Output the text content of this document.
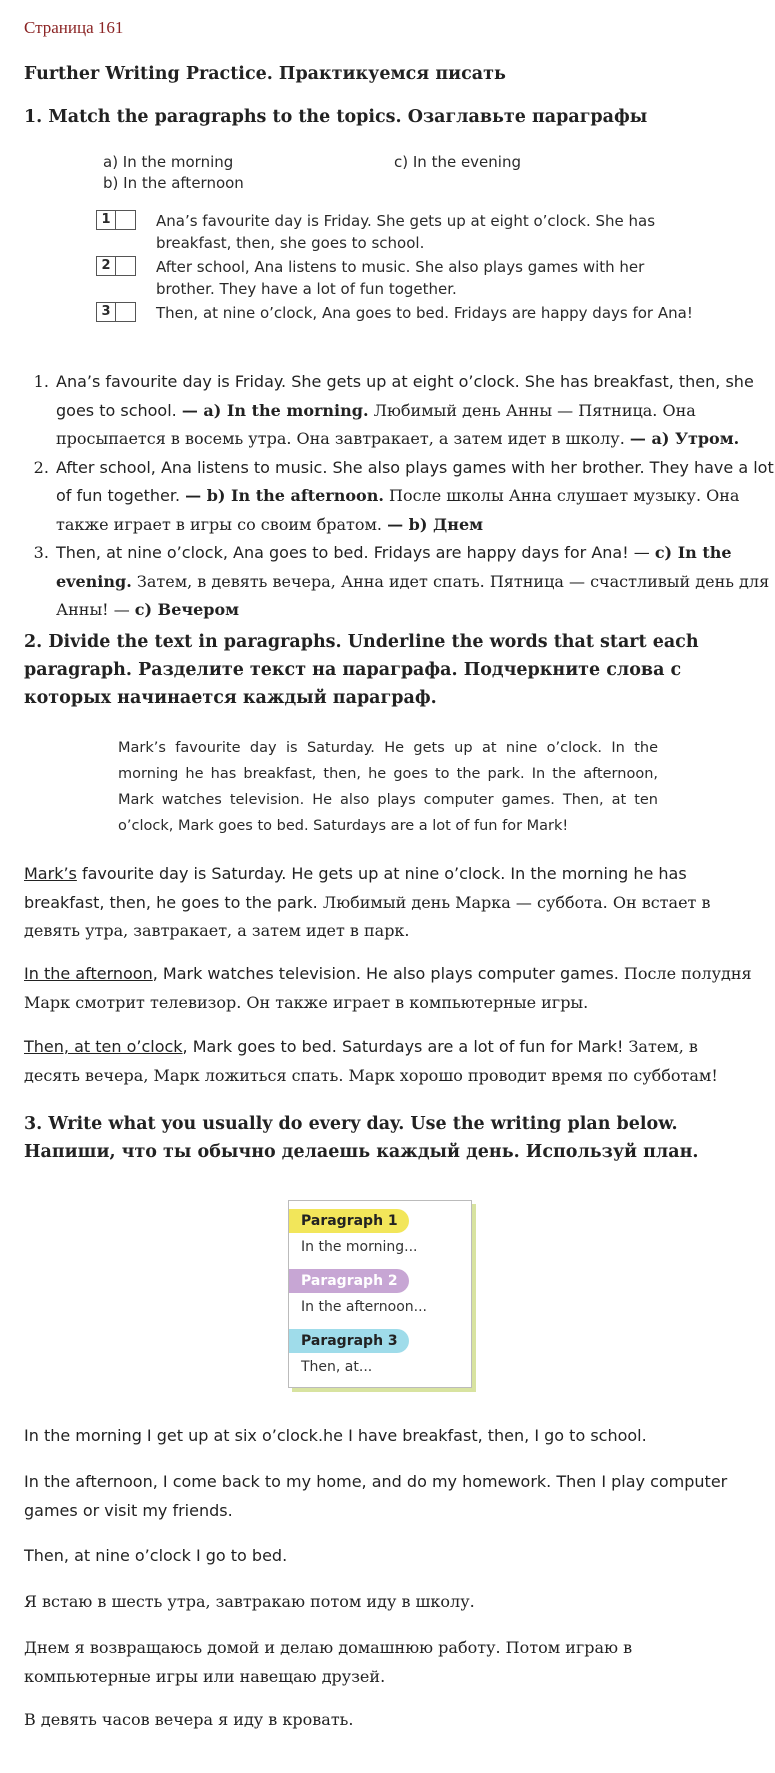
Страница 161
Further Writing Practice. Практикуемся писать
1. Match the paragraphs to the topics. Озаглавьте параграфы
a) In the morning
b) In the afternoon
c) In the evening
1	Ana’s favourite day is Friday. She gets up at eight o’clock. She has breakfast, then, she goes to school.
2	After school, Ana listens to music. She also plays games with her brother. They have a lot of fun together.
3	Then, at nine o’clock, Ana goes to bed. Fridays are happy days for Ana!
1. Ana’s favourite day is Friday. She gets up at eight o’clock. She has breakfast, then, she goes to school. — a) In the morning. Любимый день Анны — Пятница. Она просыпается в восемь утра. Она завтракает, а затем идет в школу. — а) Утром.
2. After school, Ana listens to music. She also plays games with her brother. They have a lot of fun together. — b) In the afternoon. После школы Анна слушает музыку. Она также играет в игры со своим братом. — b) Днем
3. Then, at nine o’clock, Ana goes to bed. Fridays are happy days for Ana! — c) In the evening. Затем, в девять вечера, Анна идет спать. Пятница — счастливый день для Анны! — с) Вечером
2. Divide the text in paragraphs. Underline the words that start each paragraph. Разделите текст на параграфа. Подчеркните слова с которых начинается каждый параграф.
Mark’s favourite day is Saturday. He gets up at nine o’clock. In the morning he has breakfast, then, he goes to the park. In the afternoon, Mark watches television. He also plays computer games. Then, at ten o’clock, Mark goes to bed. Saturdays are a lot of fun for Mark!
Mark’s favourite day is Saturday. He gets up at nine o’clock. In the morning he has breakfast, then, he goes to the park. Любимый день Марка — суббота. Он встает в девять утра, завтракает, а затем идет в парк.
In the afternoon, Mark watches television. He also plays computer games. После полудня Марк смотрит телевизор. Он также играет в компьютерные игры.
Then, at ten o’clock, Mark goes to bed. Saturdays are a lot of fun for Mark! Затем, в десять вечера, Марк ложиться спать. Марк хорошо проводит время по субботам!
3. Write what you usually do every day. Use the writing plan below. Напиши, что ты обычно делаешь каждый день. Используй план.
Paragraph 1
In the morning...
Paragraph 2
In the afternoon...
Paragraph 3
Then, at...
In the morning I get up at six o’clock.he I have breakfast, then, I go to school.
In the afternoon, I come back to my home, and do my homework. Then I play computer games or visit my friends.
Then, at nine o’clock I go to bed.
Я встаю в шесть утра, завтракаю потом иду в школу.
Днем я возвращаюсь домой и делаю домашнюю работу. Потом играю в компьютерные игры или навещаю друзей.
В девять часов вечера я иду в кровать.
